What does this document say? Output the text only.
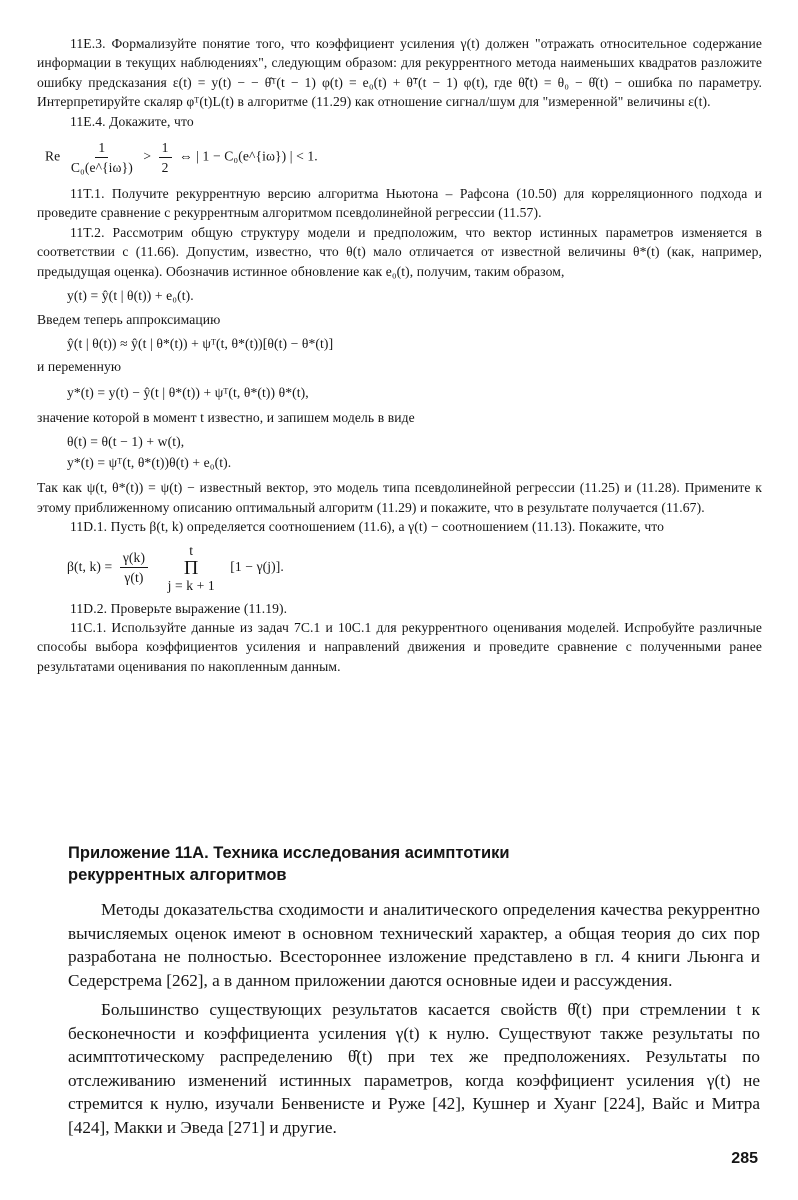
11E.3. Формализуйте понятие того, что коэффициент усиления γ(t) должен "отражать относительное содержание информации в текущих наблюдениях", следующим образом: для рекуррентного метода наименьших квадратов разложите ошибку предсказания ε(t) = y(t) − − θ̂ᵀ(t − 1) φ(t) = e₀(t) + θ̃ᵀ(t − 1) φ(t), где θ̃(t) = θ₀ − θ̂(t) − ошибка по параметру. Интерпретируйте скаляр φᵀ(t)L(t) в алгоритме (11.29) как отношение сигнал/шум для "измеренной" величины ε(t).

11E.4. Докажите, что

Re $\frac{1}{\text{C₀(e\textasciicircum{}\{iω\})}} > \frac{1}{2}$ ⇔ | 1 − C₀(e^{iω}) | < 1.

11T.1. Получите рекуррентную версию алгоритма Ньютона – Рафсона (10.50) для корреляционного подхода и проведите сравнение с рекуррентным алгоритмом псевдолинейной регрессии (11.57).

11T.2. Рассмотрим общую структуру модели и предположим, что вектор истинных параметров изменяется в соответствии с (11.66). Допустим, известно, что θ(t) мало отличается от известной величины θ*(t) (как, например, предыдущая оценка). Обозначив истинное обновление как e₀(t), получим, таким образом,

y(t) = ŷ(t | θ(t)) + e₀(t).

Введем теперь аппроксимацию

ŷ(t | θ(t)) ≈ ŷ(t | θ*(t)) + ψᵀ(t, θ*(t))[θ(t) − θ*(t)]

и переменную

y*(t) = y(t) − ŷ(t | θ*(t)) + ψᵀ(t, θ*(t)) θ*(t),

значение которой в момент t известно, и запишем модель в виде

θ(t) = θ(t − 1) + w(t),
y*(t) = ψᵀ(t, θ*(t))θ(t) + e₀(t).

Так как ψ(t, θ*(t)) = ψ(t) − известный вектор, это модель типа псевдолинейной регрессии (11.25) и (11.28). Примените к этому приближенному описанию оптимальный алгоритм (11.29) и покажите, что в результате получается (11.67).

11D.1. Пусть β(t, k) определяется соотношением (11.6), а γ(t) − соотношением (11.13). Покажите, что

β(t, $k) = \frac{\gamma(k)}{\gamma(t)}$
	t
Π
j = k + 1
[1 − γ(j)].

11D.2. Проверьте выражение (11.19).

11C.1. Используйте данные из задач 7C.1 и 10C.1 для рекуррентного оценивания моделей. Испробуйте различные способы выбора коэффициентов усиления и направлений движения и проведите сравнение с полученными ранее результатами оценивания по накопленным данным.

Приложение 11А. Техника исследования асимптотики
рекуррентных алгоритмов

Методы доказательства сходимости и аналитического определения качества рекуррентно вычисляемых оценок имеют в основном технический характер, а общая теория до сих пор разработана не полностью. Всестороннее изложение представлено в гл. 4 книги Льюнга и Седерстрема [262], а в данном приложении даются основные идеи и рассуждения.

Большинство существующих результатов касается свойств θ̂(t) при стремлении t к бесконечности и коэффициента усиления γ(t) к нулю. Существуют также результаты по асимптотическому распределению θ̂(t) при тех же предположениях. Результаты по отслеживанию изменений истинных параметров, когда коэффициент усиления γ(t) не стремится к нулю, изучали Бенвенисте и Руже [42], Кушнер и Хуанг [224], Вайс и Митра [424], Макки и Эведа [271] и другие.

285
